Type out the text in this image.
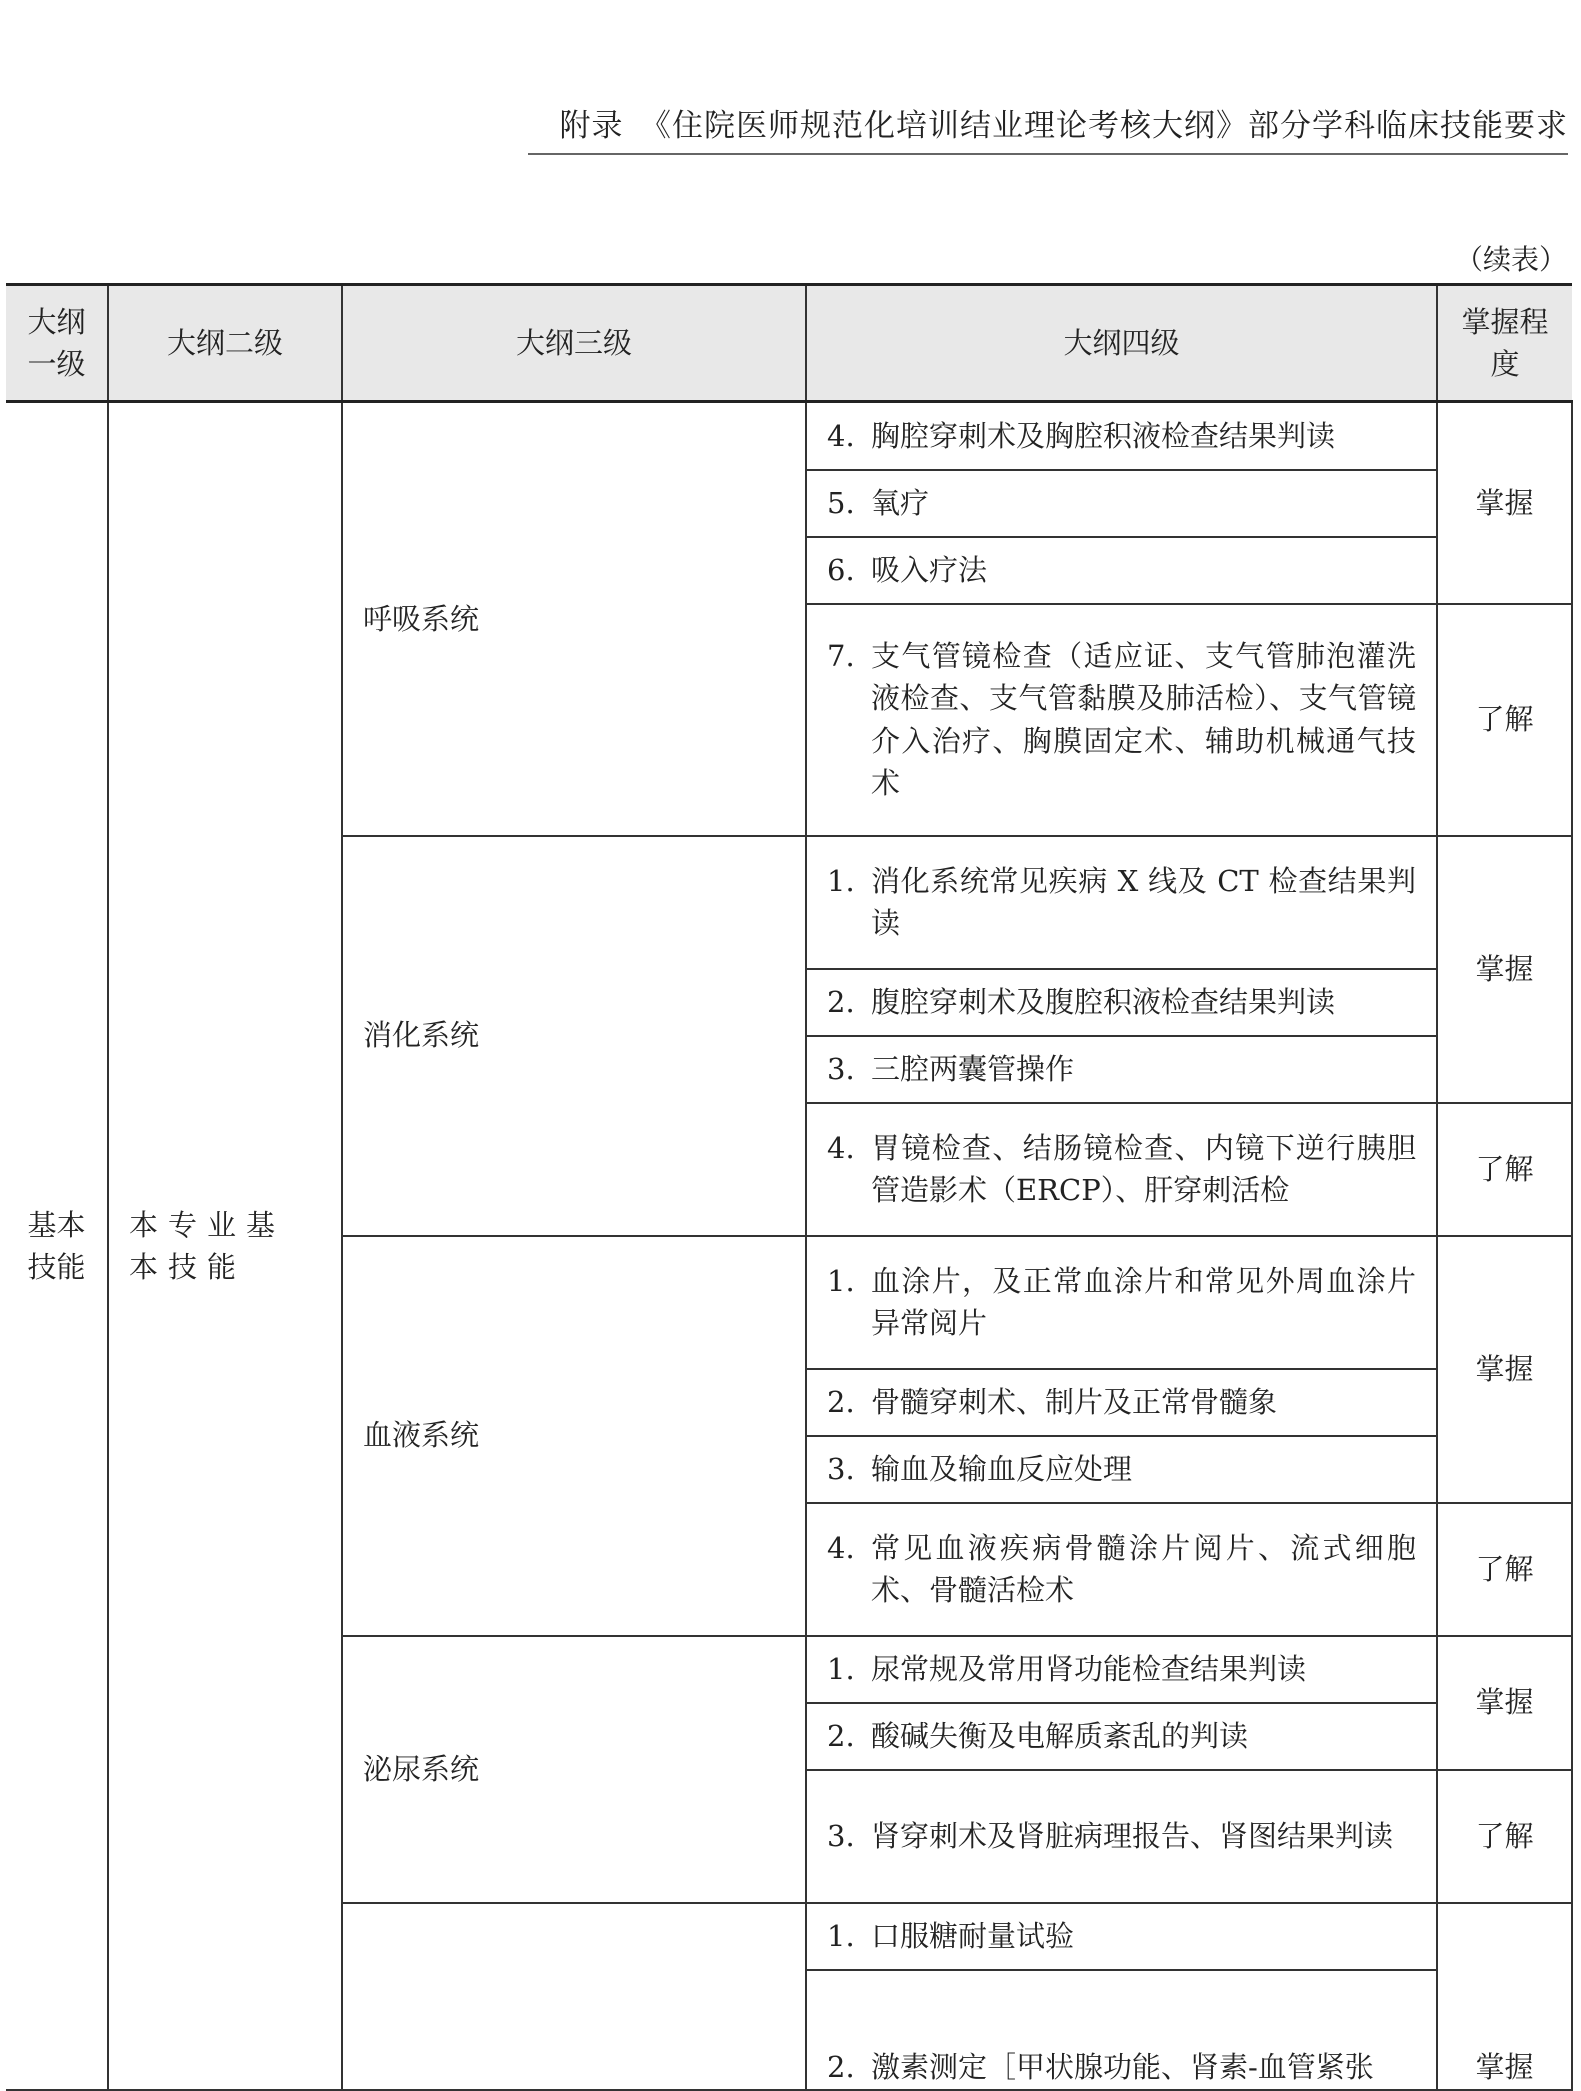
附录　《住院医师规范化培训结业理论考核大纲》部分学科临床技能要求
（续表）
大纲一级	大纲二级	大纲三级	大纲四级	掌握程度
基本技能	本专业基本技能	呼吸系统	4. 胸腔穿刺术及胸腔积液检查结果判读	掌握

			5. 氧疗	

			6. 吸入疗法	

			7. 支气管镜检查（适应证、支气管肺泡灌洗液检查、支气管黏膜及肺活检）、支气管镜介入治疗、胸膜固定术、辅助机械通气技术	了解
		消化系统	1. 消化系统常见疾病 X 线及 CT 检查结果判读	掌握

			2. 腹腔穿刺术及腹腔积液检查结果判读	

			3. 三腔两囊管操作	

			4. 胃镜检查、结肠镜检查、内镜下逆行胰胆管造影术（ERCP）、肝穿刺活检	了解
		血液系统	1. 血涂片，及正常血涂片和常见外周血涂片异常阅片	掌握

			2. 骨髓穿刺术、制片及正常骨髓象	

			3. 输血及输血反应处理	

			4. 常见血液疾病骨髓涂片阅片、流式细胞术、骨髓活检术	了解
		泌尿系统	1. 尿常规及常用肾功能检查结果判读	掌握

			2. 酸碱失衡及电解质紊乱的判读	

			3. 肾穿刺术及肾脏病理报告、肾图结果判读	了解

			1. 口服糖耐量试验	掌握

			2. 激素测定［甲状腺功能、肾素-血管紧张	
